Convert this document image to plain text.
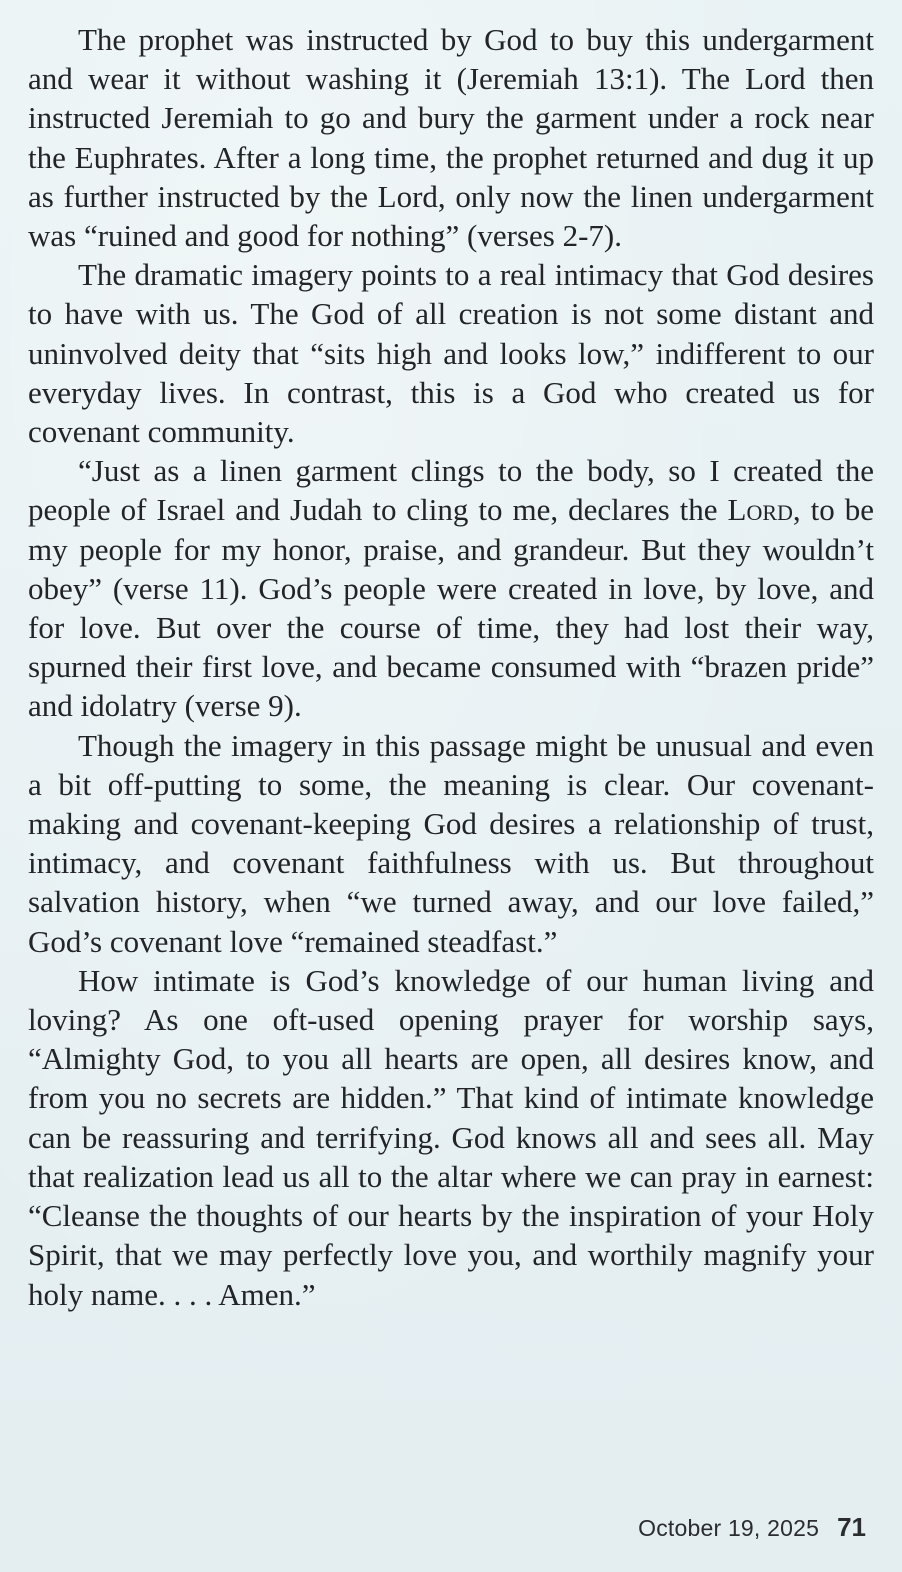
The prophet was instructed by God to buy this undergarment and wear it without washing it (Jeremiah 13:1). The Lord then instructed Jeremiah to go and bury the garment under a rock near the Euphrates. After a long time, the prophet returned and dug it up as further instructed by the Lord, only now the linen undergarment was “ruined and good for nothing” (verses 2-7).

The dramatic imagery points to a real intimacy that God desires to have with us. The God of all creation is not some distant and uninvolved deity that “sits high and looks low,” indifferent to our everyday lives. In contrast, this is a God who created us for covenant community.

“Just as a linen garment clings to the body, so I created the people of Israel and Judah to cling to me, declares the Lord, to be my people for my honor, praise, and grandeur. But they wouldn’t obey” (verse 11). God’s people were created in love, by love, and for love. But over the course of time, they had lost their way, spurned their first love, and became consumed with “brazen pride” and idolatry (verse 9).

Though the imagery in this passage might be unusual and even a bit off-putting to some, the meaning is clear. Our covenant-making and covenant-keeping God desires a relationship of trust, intimacy, and covenant faithfulness with us. But throughout salvation history, when “we turned away, and our love failed,” God’s covenant love “remained steadfast.”

How intimate is God’s knowledge of our human living and loving? As one oft-used opening prayer for worship says, “Almighty God, to you all hearts are open, all desires know, and from you no secrets are hidden.” That kind of intimate knowledge can be reassuring and terrifying. God knows all and sees all. May that realization lead us all to the altar where we can pray in earnest: “Cleanse the thoughts of our hearts by the inspiration of your Holy Spirit, that we may perfectly love you, and worthily magnify your holy name. . . . Amen.”

October 19, 2025 71
